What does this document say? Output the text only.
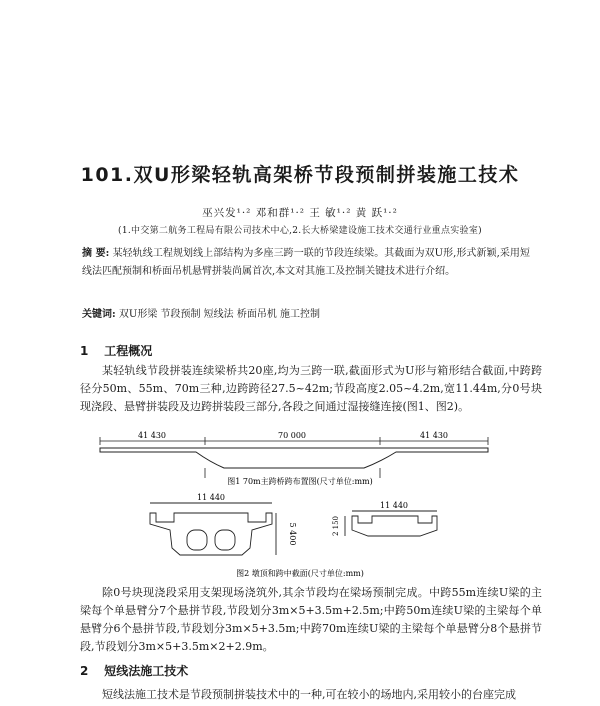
101.双U形梁轻轨高架桥节段预制拼装施工技术
巫兴发¹·² 邓和群¹·² 王 敏¹·² 黄 跃¹·²
(1.中交第二航务工程局有限公司技术中心,2.长大桥梁建设施工技术交通行业重点实验室)
摘 要: 某轻轨线工程规划线上部结构为多座三跨一联的节段连续梁。其截面为双U形,形式新颖,采用短线法匹配预制和桥面吊机悬臂拼装尚属首次,本文对其施工及控制关键技术进行介绍。
关键词: 双U形梁 节段预制 短线法 桥面吊机 施工控制
1 工程概况
某轻轨线节段拼装连续梁桥共20座,均为三跨一联,截面形式为U形与箱形结合截面,中跨跨径分50m、55m、70m三种,边跨跨径27.5~42m;节段高度2.05~4.2m,宽11.44m,分0号块现浇段、悬臂拼装段及边跨拼装段三部分,各段之间通过湿接缝连接(图1、图2)。
41 430	70 000	41 430
图1 70m主跨桥跨布置图(尺寸单位:mm)
11 440
5 400
11 440
2 150
图2 墩顶和跨中截面(尺寸单位:mm)
除0号块现浇段采用支架现场浇筑外,其余节段均在梁场预制完成。中跨55m连续U梁的主梁每个单悬臂分7个悬拼节段,节段划分3m×5+3.5m+2.5m;中跨50m连续U梁的主梁每个单悬臂分6个悬拼节段,节段划分3m×5+3.5m;中跨70m连续U梁的主梁每个单悬臂分8个悬拼节段,节段划分3m×5+3.5m×2+2.9m。
2 短线法施工技术
短线法施工技术是节段预制拼装技术中的一种,可在较小的场地内,采用较小的台座完成
